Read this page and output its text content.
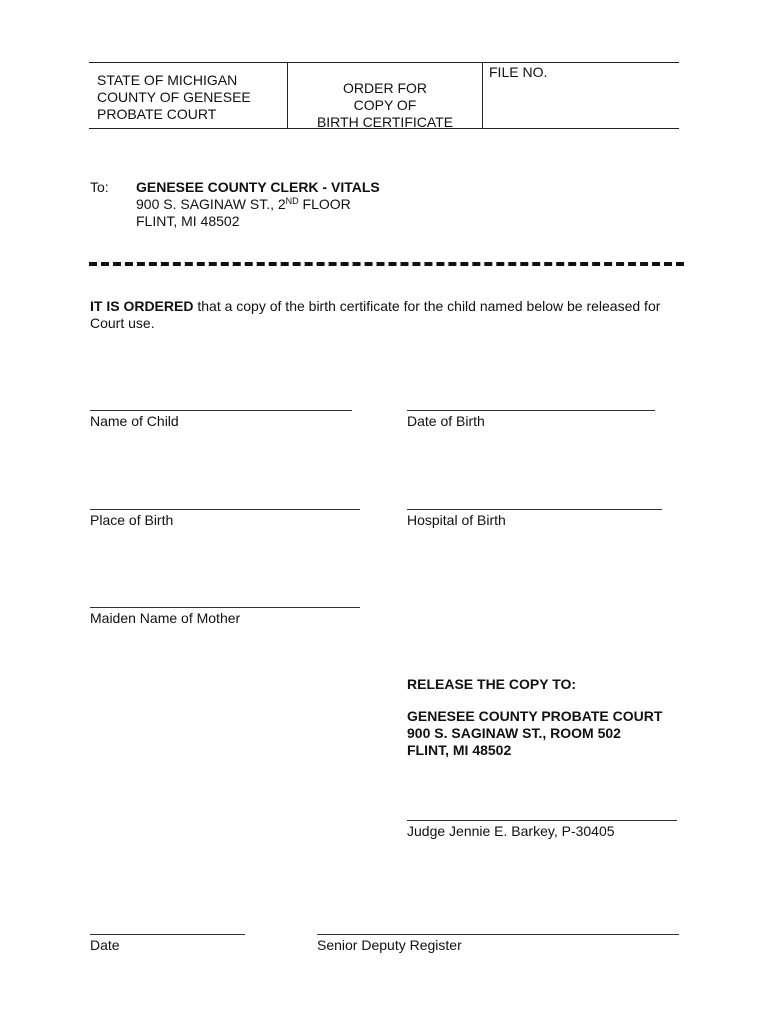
STATE OF MICHIGAN
COUNTY OF GENESEE
PROBATE COURT
ORDER FOR
COPY OF
BIRTH CERTIFICATE
FILE NO.
To: GENESEE COUNTY CLERK - VITALS
900 S. SAGINAW ST., 2ND FLOOR
FLINT, MI 48502
IT IS ORDERED that a copy of the birth certificate for the child named below be released for
Court use.
Name of Child	Date of Birth
Place of Birth	Hospital of Birth
Maiden Name of Mother
RELEASE THE COPY TO:
GENESEE COUNTY PROBATE COURT
900 S. SAGINAW ST., ROOM 502
FLINT, MI 48502
Judge Jennie E. Barkey, P-30405
Date	Senior Deputy Register
